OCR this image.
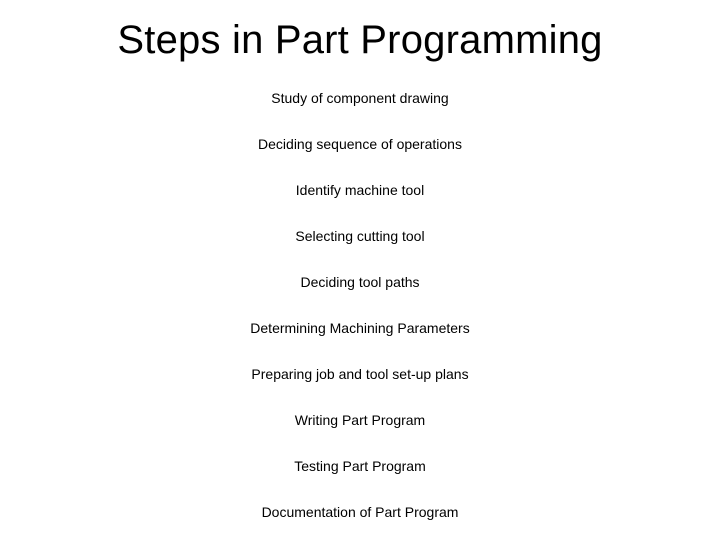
Steps in Part Programming
Study of component drawing
Deciding sequence of operations
Identify machine tool
Selecting cutting tool
Deciding tool paths
Determining Machining Parameters
Preparing job and tool set-up plans
Writing Part Program
Testing Part Program
Documentation of Part Program
